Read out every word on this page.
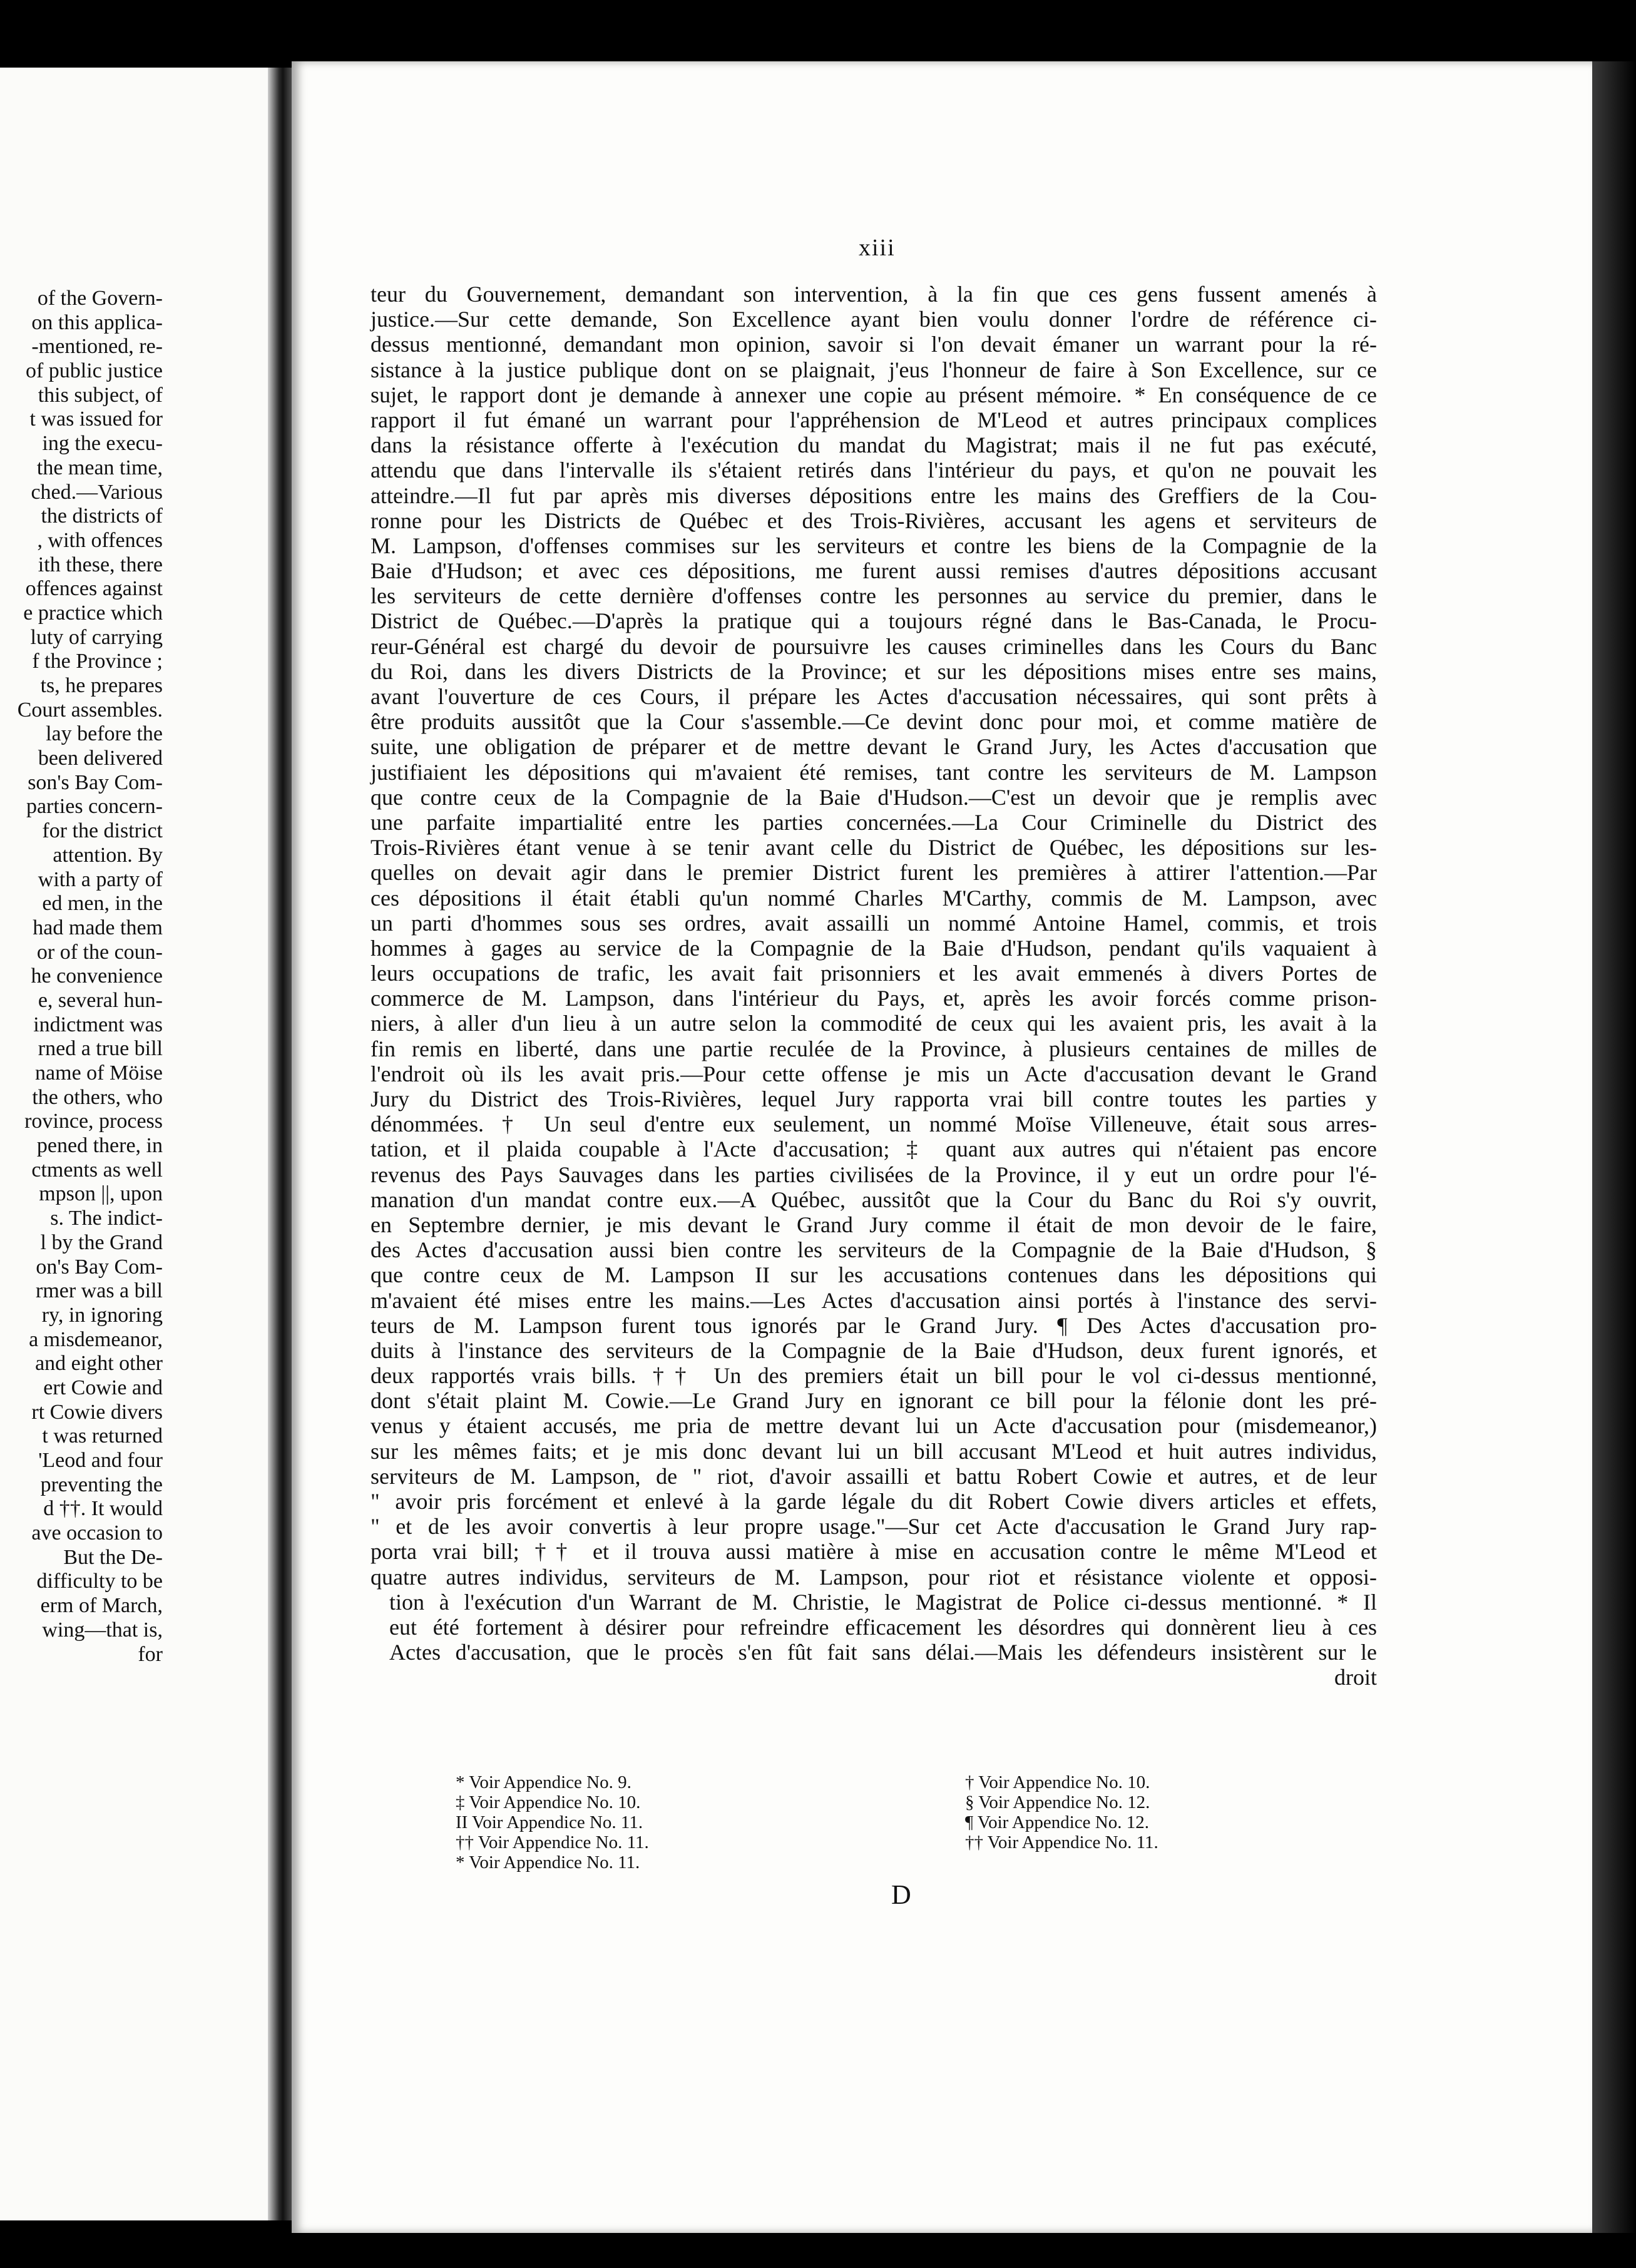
of the Govern-
on this applica-
-mentioned, re-
of public justice
this subject, of
t was issued for
ing the execu-
the mean time,
ched.—Various
the districts of
, with offences
ith these, there
offences against
e practice which
luty of carrying
f the Province ;
ts, he prepares
Court assembles.
lay before the
been delivered
son's Bay Com-
parties concern-
for the district
attention. By
with a party of
ed men, in the
had made them
or of the coun-
he convenience
e, several hun-
indictment was
rned a true bill
name of Möise
the others, who
rovince, process
pened there, in
ctments as well
mpson ||, upon
s. The indict-
l by the Grand
on's Bay Com-
rmer was a bill
ry, in ignoring
a misdemeanor,
and eight other
ert Cowie and
rt Cowie divers
t was returned
'Leod and four
preventing the
d ††. It would
ave occasion to
But the De-
difficulty to be
erm of March,
wing—that is,
for
xiii
teur du Gouvernement, demandant son intervention, à la fin que ces gens fussent amenés à
justice.—Sur cette demande, Son Excellence ayant bien voulu donner l'ordre de référence ci-
dessus mentionné, demandant mon opinion, savoir si l'on devait émaner un warrant pour la ré-
sistance à la justice publique dont on se plaignait, j'eus l'honneur de faire à Son Excellence, sur ce
sujet, le rapport dont je demande à annexer une copie au présent mémoire. * En conséquence de ce
rapport il fut émané un warrant pour l'appréhension de M'Leod et autres principaux complices
dans la résistance offerte à l'exécution du mandat du Magistrat; mais il ne fut pas exécuté,
attendu que dans l'intervalle ils s'étaient retirés dans l'intérieur du pays, et qu'on ne pouvait les
atteindre.—Il fut par après mis diverses dépositions entre les mains des Greffiers de la Cou-
ronne pour les Districts de Québec et des Trois-Rivières, accusant les agens et serviteurs de
M. Lampson, d'offenses commises sur les serviteurs et contre les biens de la Compagnie de la
Baie d'Hudson; et avec ces dépositions, me furent aussi remises d'autres dépositions accusant
les serviteurs de cette dernière d'offenses contre les personnes au service du premier, dans le
District de Québec.—D'après la pratique qui a toujours régné dans le Bas-Canada, le Procu-
reur-Général est chargé du devoir de poursuivre les causes criminelles dans les Cours du Banc
du Roi, dans les divers Districts de la Province; et sur les dépositions mises entre ses mains,
avant l'ouverture de ces Cours, il prépare les Actes d'accusation nécessaires, qui sont prêts à
être produits aussitôt que la Cour s'assemble.—Ce devint donc pour moi, et comme matière de
suite, une obligation de préparer et de mettre devant le Grand Jury, les Actes d'accusation que
justifiaient les dépositions qui m'avaient été remises, tant contre les serviteurs de M. Lampson
que contre ceux de la Compagnie de la Baie d'Hudson.—C'est un devoir que je remplis avec
une parfaite impartialité entre les parties concernées.—La Cour Criminelle du District des
Trois-Rivières étant venue à se tenir avant celle du District de Québec, les dépositions sur les-
quelles on devait agir dans le premier District furent les premières à attirer l'attention.—Par
ces dépositions il était établi qu'un nommé Charles M'Carthy, commis de M. Lampson, avec
un parti d'hommes sous ses ordres, avait assailli un nommé Antoine Hamel, commis, et trois
hommes à gages au service de la Compagnie de la Baie d'Hudson, pendant qu'ils vaquaient à
leurs occupations de trafic, les avait fait prisonniers et les avait emmenés à divers Portes de
commerce de M. Lampson, dans l'intérieur du Pays, et, après les avoir forcés comme prison-
niers, à aller d'un lieu à un autre selon la commodité de ceux qui les avaient pris, les avait à la
fin remis en liberté, dans une partie reculée de la Province, à plusieurs centaines de milles de
l'endroit où ils les avait pris.—Pour cette offense je mis un Acte d'accusation devant le Grand
Jury du District des Trois-Rivières, lequel Jury rapporta vrai bill contre toutes les parties y
dénommées. † Un seul d'entre eux seulement, un nommé Moïse Villeneuve, était sous arres-
tation, et il plaida coupable à l'Acte d'accusation; ‡ quant aux autres qui n'étaient pas encore
revenus des Pays Sauvages dans les parties civilisées de la Province, il y eut un ordre pour l'é-
manation d'un mandat contre eux.—A Québec, aussitôt que la Cour du Banc du Roi s'y ouvrit,
en Septembre dernier, je mis devant le Grand Jury comme il était de mon devoir de le faire,
des Actes d'accusation aussi bien contre les serviteurs de la Compagnie de la Baie d'Hudson, §
que contre ceux de M. Lampson II sur les accusations contenues dans les dépositions qui
m'avaient été mises entre les mains.—Les Actes d'accusation ainsi portés à l'instance des servi-
teurs de M. Lampson furent tous ignorés par le Grand Jury. ¶ Des Actes d'accusation pro-
duits à l'instance des serviteurs de la Compagnie de la Baie d'Hudson, deux furent ignorés, et
deux rapportés vrais bills. †† Un des premiers était un bill pour le vol ci-dessus mentionné,
dont s'était plaint M. Cowie.—Le Grand Jury en ignorant ce bill pour la félonie dont les pré-
venus y étaient accusés, me pria de mettre devant lui un Acte d'accusation pour (misdemeanor,)
sur les mêmes faits; et je mis donc devant lui un bill accusant M'Leod et huit autres individus,
serviteurs de M. Lampson, de " riot, d'avoir assailli et battu Robert Cowie et autres, et de leur
" avoir pris forcément et enlevé à la garde légale du dit Robert Cowie divers articles et effets,
" et de les avoir convertis à leur propre usage."—Sur cet Acte d'accusation le Grand Jury rap-
porta vrai bill; †† et il trouva aussi matière à mise en accusation contre le même M'Leod et
quatre autres individus, serviteurs de M. Lampson, pour riot et résistance violente et opposi-
tion à l'exécution d'un Warrant de M. Christie, le Magistrat de Police ci-dessus mentionné. * Il
eut été fortement à désirer pour refreindre efficacement les désordres qui donnèrent lieu à ces
Actes d'accusation, que le procès s'en fût fait sans délai.—Mais les défendeurs insistèrent sur le
droit
* Voir Appendice No. 9.
‡ Voir Appendice No. 10.
II Voir Appendice No. 11.
†† Voir Appendice No. 11.
* Voir Appendice No. 11.
† Voir Appendice No. 10.
§ Voir Appendice No. 12.
¶ Voir Appendice No. 12.
†† Voir Appendice No. 11.
D
